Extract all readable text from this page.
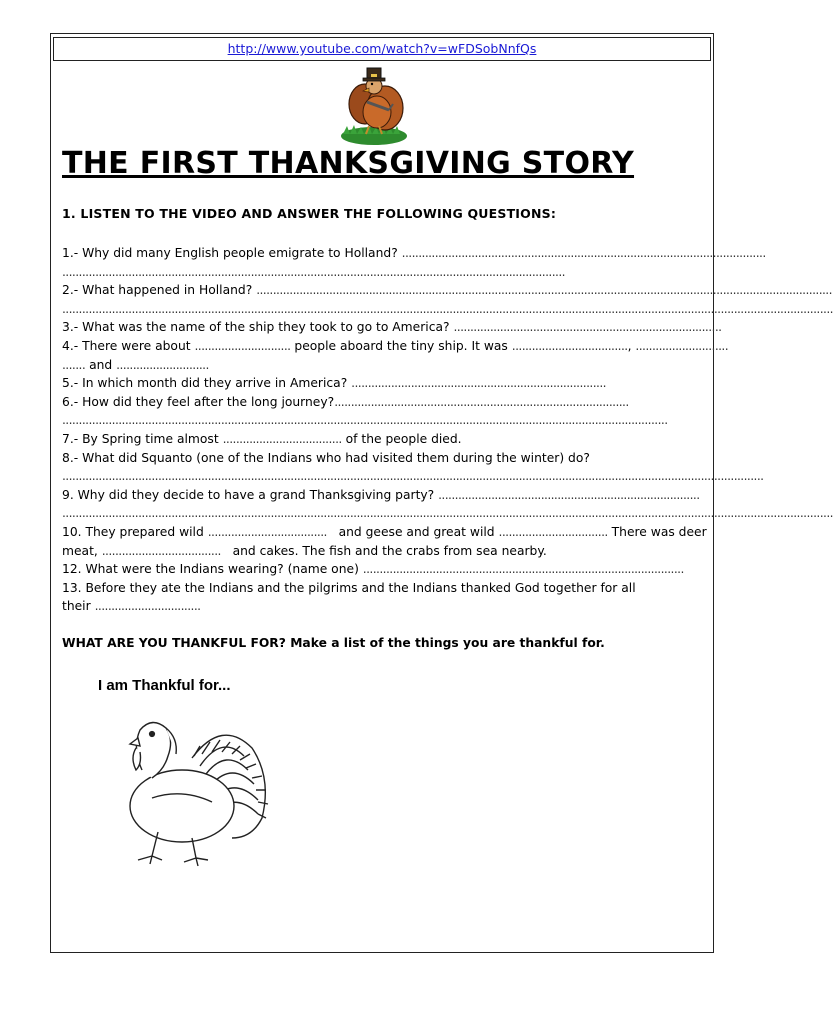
http://www.youtube.com/watch?v=wFDSobNnfQs
THE FIRST THANKSGIVING STORY
1. LISTEN TO THE VIDEO AND ANSWER THE FOLLOWING QUESTIONS:
1.- Why did many English people emigrate to Holland? ..............................................................................................................
........................................................................................................................................................
2.- What happened in Holland? ..............................................................................................................................................................................
.........................................................................................................................................................................................................................................
3.- What was the name of the ship they took to go to America? .................................................................................
4.- There were about ............................. people aboard the tiny ship. It was ..................................., ............................
....... and ............................
5.- In which month did they arrive in America? .............................................................................
6.- How did they feel after the long journey?.........................................................................................
.......................................................................................................................................................................................
7.- By Spring time almost .................................... of the people died.
8.- What did Squanto (one of the Indians who had visited them during the winter) do?
....................................................................................................................................................................................................................
9. Why did they decide to have a grand Thanksgiving party? ...............................................................................
.........................................................................................................................................................................................................................................
10. They prepared wild .................................... and geese and great wild ................................. There was deer
meat, .................................... and cakes. The fish and the crabs from sea nearby.
12. What were the Indians wearing? (name one) .................................................................................................
13. Before they ate the Indians and the pilgrims and the Indians thanked God together for all
their ................................
WHAT ARE YOU THANKFUL FOR? Make a list of the things you are thankful for.
I am Thankful for...
